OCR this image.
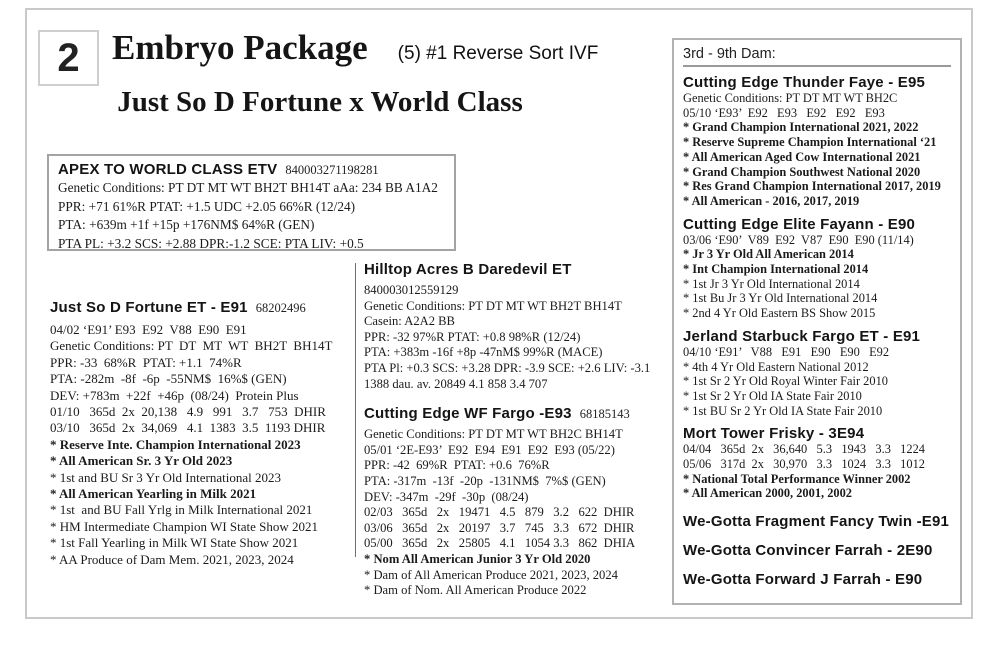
2 Embryo Package (5) #1 Reverse Sort IVF
Just So D Fortune x World Class
APEX TO WORLD CLASS ETV 840003271198281
Genetic Conditions: PT DT MT WT BH2T BH14T aAa: 234 BB A1A2
PPR: +71 61%R PTAT: +1.5 UDC +2.05 66%R (12/24)
PTA: +639m +1f +15p +176NM$ 64%R (GEN)
PTA PL: +3.2 SCS: +2.88 DPR:-1.2 SCE: PTA LIV: +0.5
Just So D Fortune ET - E91 68202496
04/02 ‘E91’ E93  E92  V88  E90  E91
Genetic Conditions: PT  DT  MT  WT  BH2T  BH14T
PPR: -33  68%R  PTAT: +1.1  74%R
PTA: -282m  -8f  -6p  -55NM$  16%$ (GEN)
DEV: +783m  +22f  +46p  (08/24)  Protein Plus
01/10   365d  2x  20,138   4.9   991   3.7   753  DHIR
03/10   365d  2x  34,069   4.1  1383  3.5  1193 DHIR
* Reserve Inte. Champion International 2023
* All American Sr. 3 Yr Old 2023
* 1st and BU Sr 3 Yr Old International 2023
* All American Yearling in Milk 2021
* 1st  and BU Fall Yrlg in Milk International 2021
* HM Intermediate Champion WI State Show 2021
* 1st Fall Yearling in Milk WI State Show 2021
* AA Produce of Dam Mem. 2021, 2023, 2024
Hilltop Acres B Daredevil ET
840003012559129
Genetic Conditions: PT DT MT WT BH2T BH14T
Casein: A2A2 BB
PPR: -32 97%R PTAT: +0.8 98%R (12/24)
PTA: +383m -16f +8p -47nM$ 99%R (MACE)
PTA Pl: +0.3 SCS: +3.28 DPR: -3.9 SCE: +2.6 LIV: -3.1
1388 dau. av. 20849 4.1 858 3.4 707
Cutting Edge WF Fargo -E93 68185143
Genetic Conditions: PT DT MT WT BH2C BH14T
05/01 ‘2E-E93’  E92  E94  E91  E92  E93 (05/22)
PPR: -42  69%R  PTAT: +0.6  76%R
PTA: -317m  -13f  -20p  -131NM$  7%$ (GEN)
DEV: -347m  -29f  -30p  (08/24)
02/03   365d   2x   19471   4.5   879   3.2   622  DHIR
03/06   365d   2x   20197   3.7   745   3.3   672  DHIR
05/00   365d   2x   25805   4.1   1054 3.3   862  DHIA
* Nom All American Junior 3 Yr Old 2020
* Dam of All American Produce 2021, 2023, 2024
* Dam of Nom. All American Produce 2022
3rd - 9th Dam:
Cutting Edge Thunder Faye - E95
Genetic Conditions: PT DT MT WT BH2C
05/10 ‘E93’  E92   E93   E92   E92   E93
* Grand Champion International 2021, 2022
* Reserve Supreme Champion International ‘21
* All American Aged Cow International 2021
* Grand Champion Southwest National 2020
* Res Grand Champion International 2017, 2019
* All American - 2016, 2017, 2019
Cutting Edge Elite Fayann - E90
03/06 ‘E90’  V89  E92  V87  E90  E90 (11/14)
* Jr 3 Yr Old All American 2014
* Int Champion International 2014
* 1st Jr 3 Yr Old International 2014
* 1st Bu Jr 3 Yr Old International 2014
* 2nd 4 Yr Old Eastern BS Show 2015
Jerland Starbuck Fargo ET - E91
04/10 ‘E91’   V88   E91   E90   E90   E92
* 4th 4 Yr Old Eastern National 2012
* 1st Sr 2 Yr Old Royal Winter Fair 2010
* 1st Sr 2 Yr Old IA State Fair 2010
* 1st BU Sr 2 Yr Old IA State Fair 2010
Mort Tower Frisky - 3E94
04/04   365d  2x   36,640   5.3   1943   3.3   1224
05/06   317d  2x   30,970   3.3   1024   3.3   1012
* National Total Performance Winner 2002
* All American 2000, 2001, 2002
We-Gotta Fragment Fancy Twin -E91
We-Gotta Convincer Farrah - 2E90
We-Gotta Forward J Farrah - E90
